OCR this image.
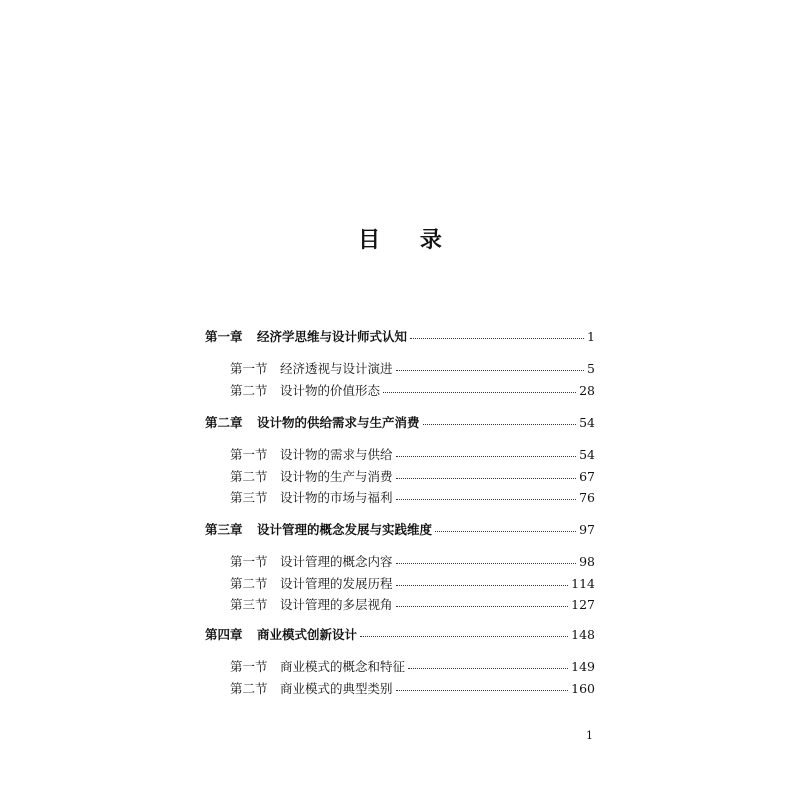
目 录
第一章	经济学思维与设计师式认知	1
第一节 经济透视与设计演进	5
第二节 设计物的价值形态	28
第二章	设计物的供给需求与生产消费	54
第一节 设计物的需求与供给	54
第二节 设计物的生产与消费	67
第三节 设计物的市场与福利	76
第三章	设计管理的概念发展与实践维度	97
第一节 设计管理的概念内容	98
第二节 设计管理的发展历程	114
第三节 设计管理的多层视角	127
第四章	商业模式创新设计	148
第一节 商业模式的概念和特征	149
第二节 商业模式的典型类别	160
1
